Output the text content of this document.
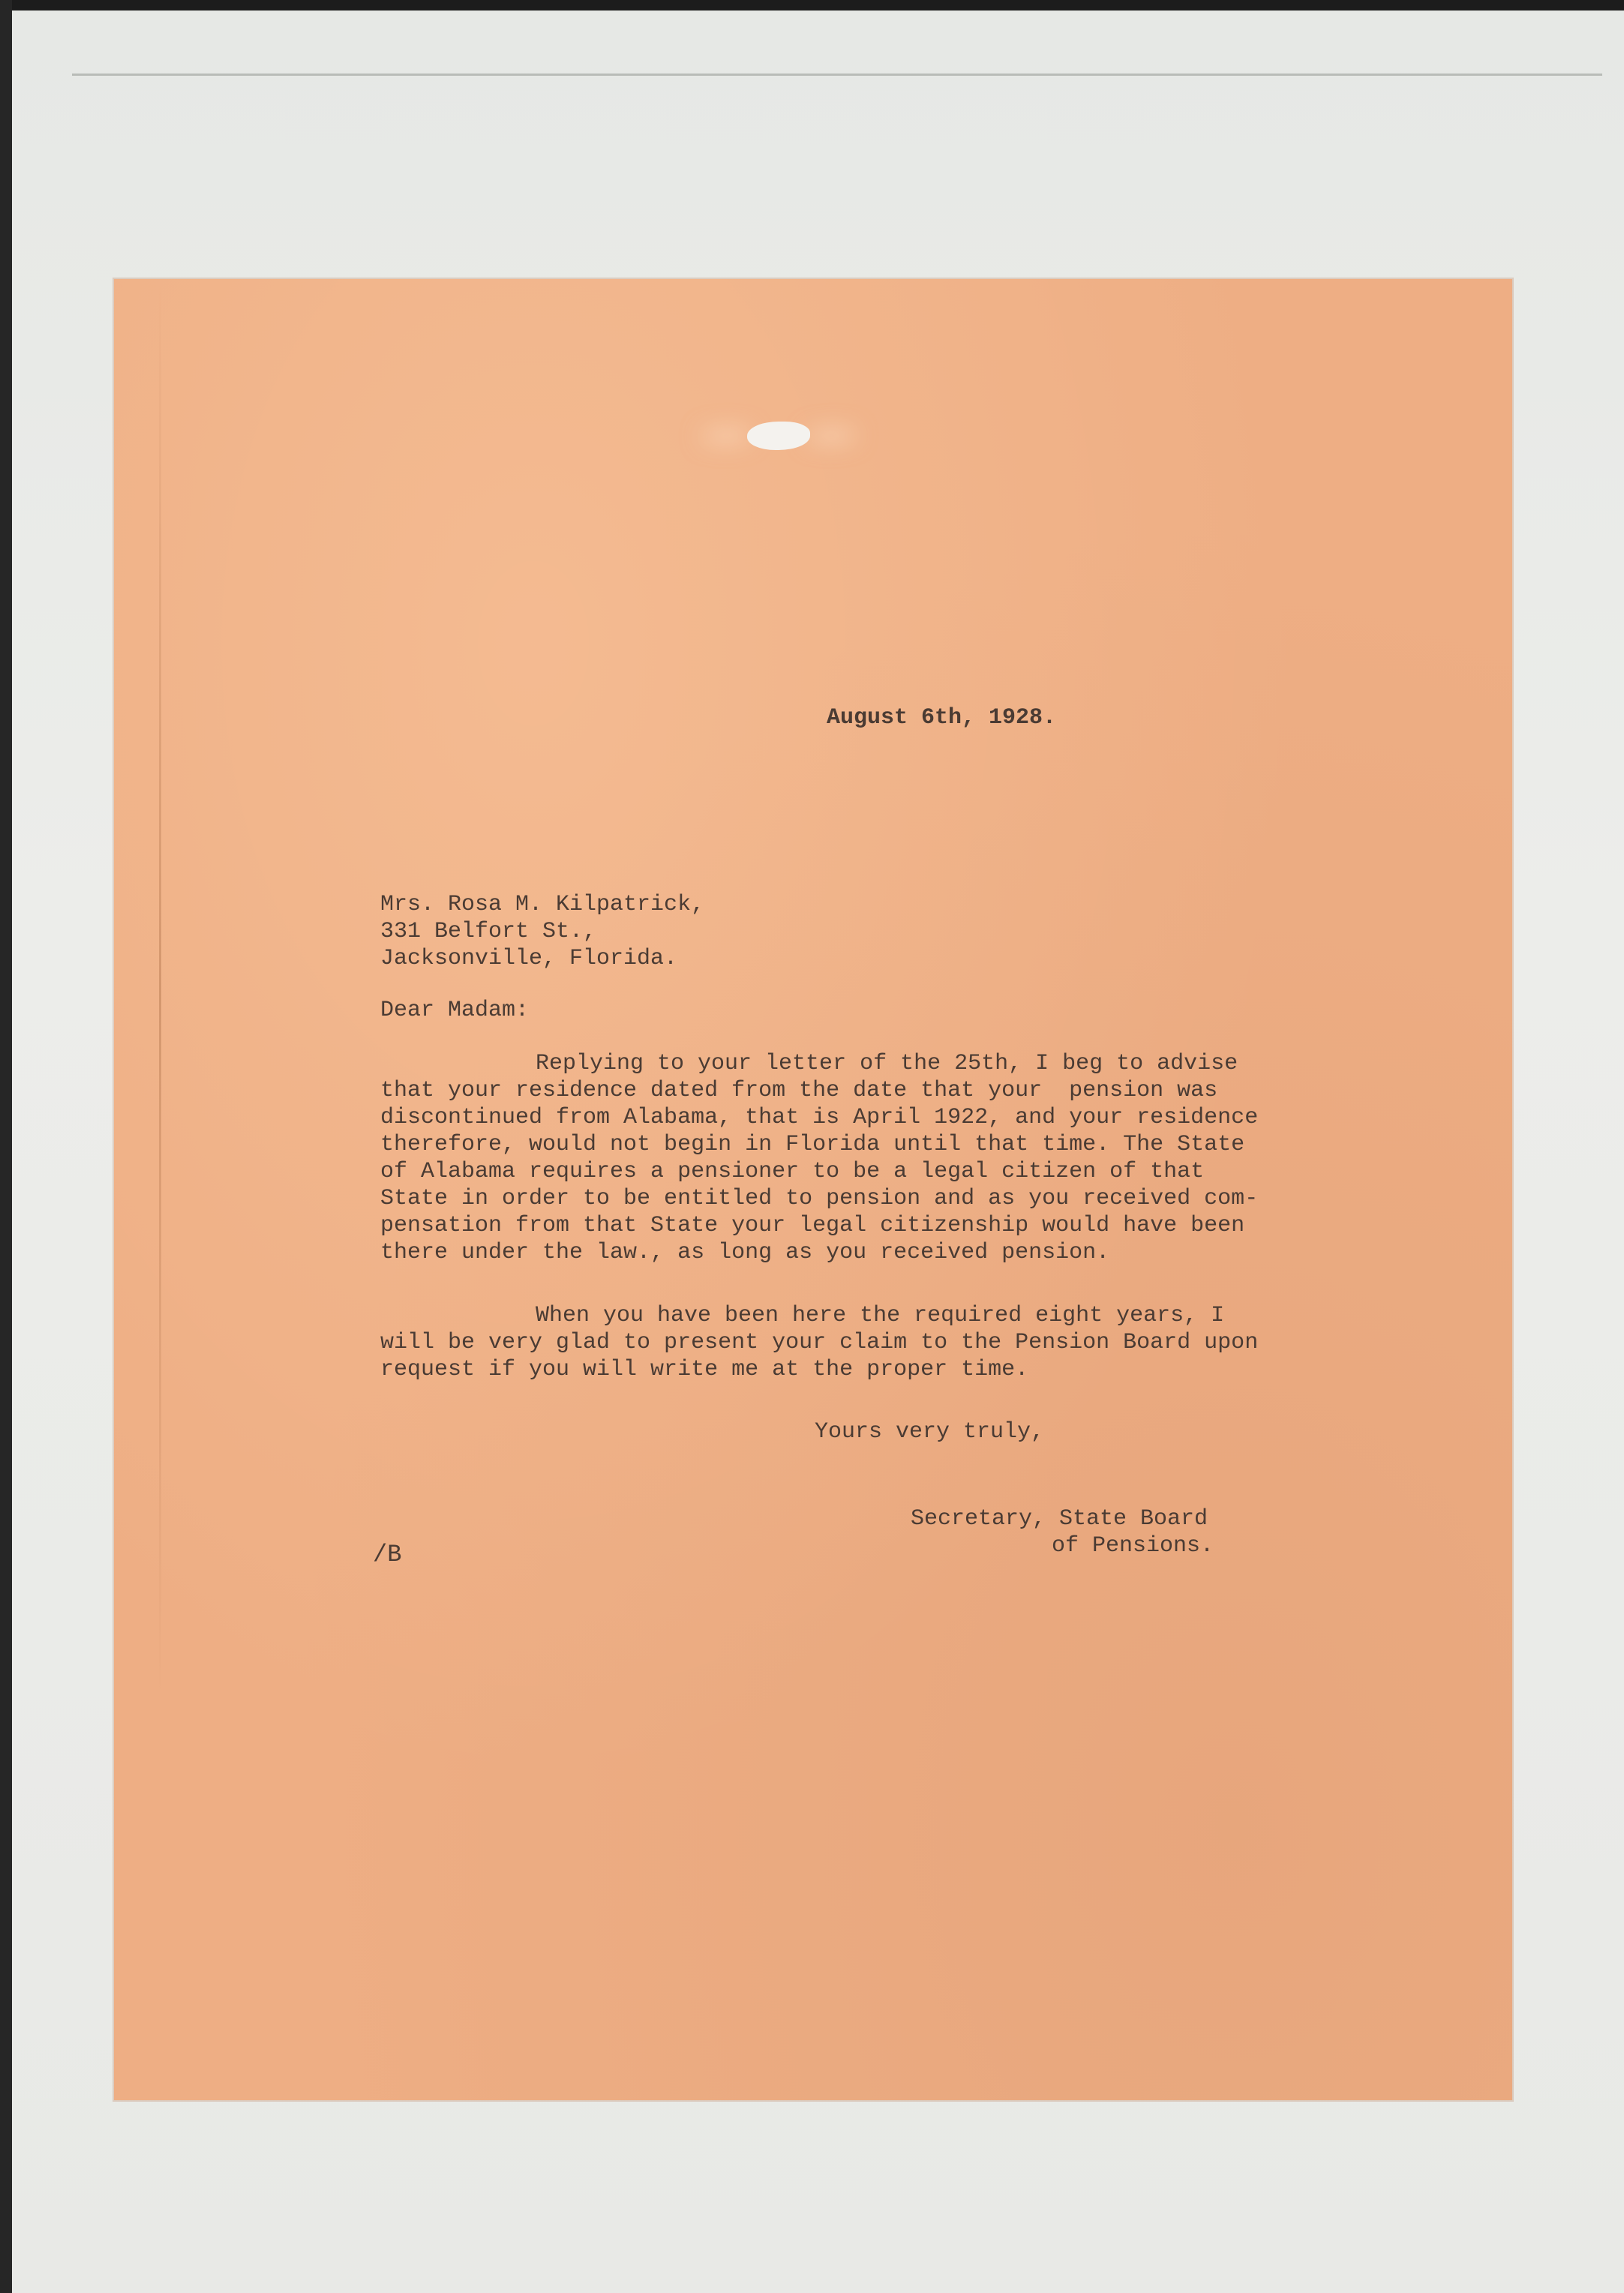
August 6th, 1928.

Mrs. Rosa M. Kilpatrick,

331 Belfort St.,

Jacksonville, Florida.

Dear Madam:

Replying to your letter of the 25th, I beg to advise

that your residence dated from the date that your  pension was

discontinued from Alabama, that is April 1922, and your residence

therefore, would not begin in Florida until that time. The State

of Alabama requires a pensioner to be a legal citizen of that

State in order to be entitled to pension and as you received com-

pensation from that State your legal citizenship would have been

there under the law., as long as you received pension.

When you have been here the required eight years, I

will be very glad to present your claim to the Pension Board upon

request if you will write me at the proper time.

Yours very truly,

Secretary, State Board

of Pensions.

/B
